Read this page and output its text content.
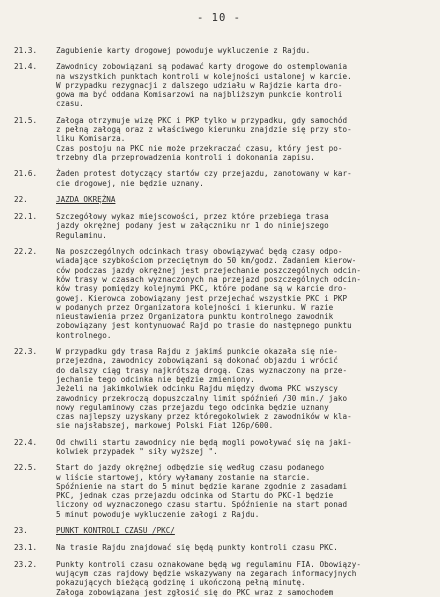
- 10 -
21.3.	Zagubienie karty drogowej powoduje wykluczenie z Rajdu.
21.4.	Zawodnicy zobowiązani są podawać karty drogowe do ostemplowania
na wszystkich punktach kontroli w kolejności ustalonej w karcie.
W przypadku rezygnacji z dalszego udziału w Rajdzie karta dro-
gowa ma być oddana Komisarzowi na najbliższym punkcie kontroli
czasu.
21.5.	Załoga otrzymuje wizę PKC i PKP tylko w przypadku, gdy samochód
z pełną załogą oraz z właściwego kierunku znajdzie się przy sto-
liku Komisarza.
Czas postoju na PKC nie może przekraczać czasu, który jest po-
trzebny dla przeprowadzenia kontroli i dokonania zapisu.
21.6.	Żaden protest dotyczący startów czy przejazdu, zanotowany w kar-
cie drogowej, nie będzie uznany.
22.	JAZDA OKRĘŻNA
22.1.	Szczegółowy wykaz miejscowości, przez które przebiega trasa
jazdy okrężnej podany jest w załączniku nr 1 do niniejszego
Regulaminu.
22.2.	Na poszczególnych odcinkach trasy obowiązywać będą czasy odpo-
wiadające szybkościom przeciętnym do 50 km/godz. Zadaniem kierow-
ców podczas jazdy okrężnej jest przejechanie poszczególnych odcin-
ków trasy w czasach wyznaczonych na przejazd poszczególnych odcin-
ków trasy pomiędzy kolejnymi PKC, które podane są w karcie dro-
gowej. Kierowca zobowiązany jest przejechać wszystkie PKC i PKP
w podanych przez Organizatora kolejności i kierunku. W razie
nieustawienia przez Organizatora punktu kontrolnego zawodnik
zobowiązany jest kontynuować Rajd po trasie do następnego punktu
kontrolnego.
22.3.	W przypadku gdy trasa Rajdu z jakimś punkcie okazała się nie-
przejezdna, zawodnicy zobowiązani są dokonać objazdu i wrócić
do dalszy ciąg trasy najkrótszą drogą. Czas wyznaczony na prze-
jechanie tego odcinka nie będzie zmieniony.
Jeżeli na jakimkolwiek odcinku Rajdu między dwoma PKC wszyscy
zawodnicy przekroczą dopuszczalny limit spóźnień /30 min./ jako
nowy regulaminowy czas przejazdu tego odcinka będzie uznany
czas najlepszy uzyskany przez któregokolwiek z zawodników w kla-
sie najsłabszej, markowej Polski Fiat 126p/600.
22.4.	Od chwili startu zawodnicy nie będą mogli powoływać się na jaki-
kolwiek przypadek " siły wyższej ".
22.5.	Start do jazdy okrężnej odbędzie się według czasu podanego
w liście startowej, który wyłamany zostanie na starcie.
Spóźnienie na start do 5 minut będzie karane zgodnie z zasadami
PKC, jednak czas przejazdu odcinka od Startu do PKC-1 będzie
liczony od wyznaczonego czasu startu. Spóźnienie na start ponad
5 minut powoduje wykluczenie załogi z Rajdu.
23.	PUNKT KONTROLI CZASU /PKC/
23.1.	Na trasie Rajdu znajdować się będą punkty kontroli czasu PKC.
23.2.	Punkty kontroli czasu oznakowane będą wg regulaminu FIA. Obowiązy-
wującym czas rajdowy będzie wskazywany na zegarach informacyjnych
pokazujących bieżącą godzinę i ukończoną pełną minutę.
Załoga zobowiązana jest zgłosić się do PKC wraz z samochodem
